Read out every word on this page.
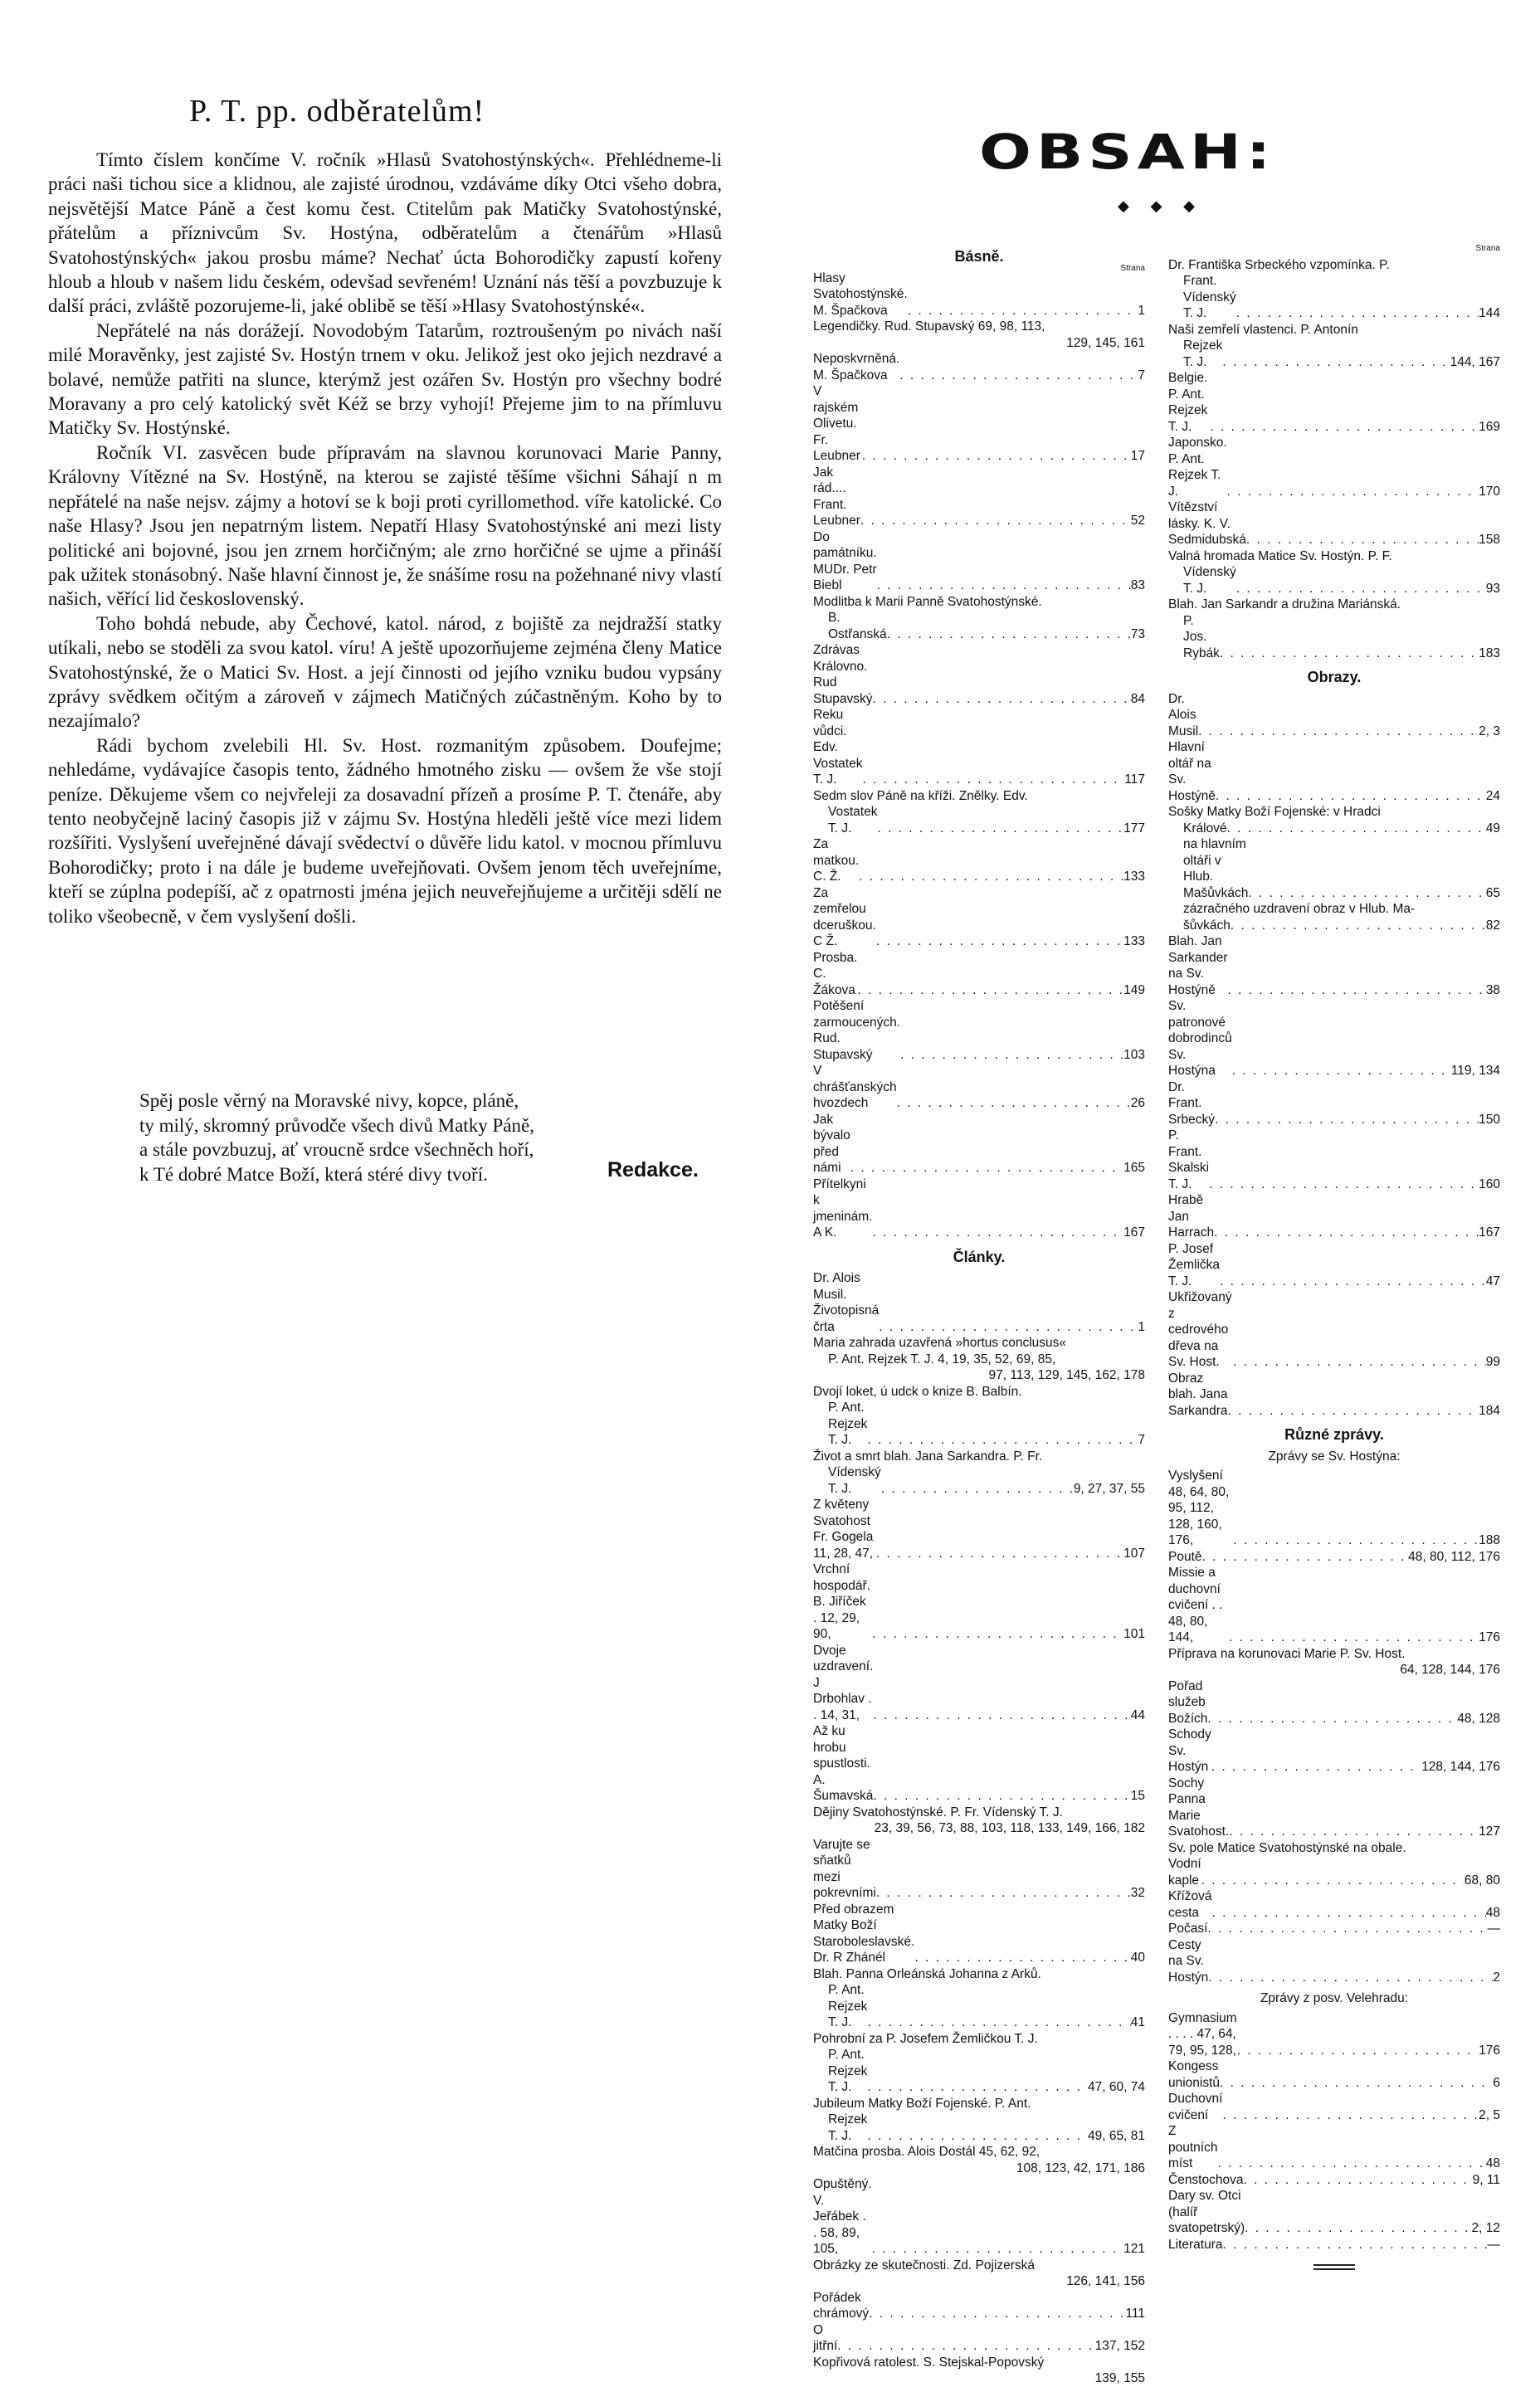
P. T. pp. odběratelům!

Tímto číslem končíme V. ročník »Hlasů Svatohostýnských«. Přehlédneme-li práci naši tichou sice a klidnou, ale zajisté úrodnou, vzdáváme díky Otci všeho dobra, nejsvětější Matce Páně a čest komu čest. Ctitelům pak Matičky Svatohostýnské, přátelům a příznivcům Sv. Hostýna, odběratelům a čtenářům »Hlasů Svatohostýnských« jakou prosbu máme? Nechať úcta Bohorodičky zapustí kořeny hloub a hloub v našem lidu českém, odevšad sevřeném! Uznání nás těší a povzbuzuje k další práci, zvláště pozorujeme-li, jaké oblibě se těší »Hlasy Svatohostýnské«.

Nepřátelé na nás dorážejí. Novodobým Tatarům, roztroušeným po nivách naší milé Moravěnky, jest zajisté Sv. Hostýn trnem v oku. Jelikož jest oko jejich nezdravé a bolavé, nemůže patřiti na slunce, kterýmž jest ozářen Sv. Hostýn pro všechny bodré Moravany a pro celý katolický svět Kéž se brzy vyhojí! Přejeme jim to na přímluvu Matičky Sv. Hostýnské.

Ročník VI. zasvěcen bude přípravám na slavnou korunovaci Marie Panny, Královny Vítězné na Sv. Hostýně, na kterou se zajisté těšíme všichni Sáhají n m nepřátelé na naše nejsv. zájmy a hotoví se k boji proti cyrillomethod. víře katolické. Co naše Hlasy? Jsou jen nepatrným listem. Nepatří Hlasy Svatohostýnské ani mezi listy politické ani bojovné, jsou jen zrnem horčičným; ale zrno horčičné se ujme a přináší pak užitek stonásobný. Naše hlavní činnost je, že snášíme rosu na požehnané nivy vlastí našich, věřící lid československý.

Toho bohdá nebude, aby Čechové, katol. národ, z bojiště za nejdražší statky utíkali, nebo se stoděli za svou katol. víru! A ještě upozorňujeme zejména členy Matice Svatohostýnské, že o Matici Sv. Host. a její činnosti od jejího vzniku budou vypsány zprávy svědkem očitým a zároveň v zájmech Matičných zúčastněným. Koho by to nezajímalo?

Rádi bychom zvelebili Hl. Sv. Host. rozmanitým způsobem. Doufejme; nehledáme, vydávajíce časopis tento, žádného hmotného zisku — ovšem že vše stojí peníze. Děkujeme všem co nejvřeleji za dosavadní přízeň a prosíme P. T. čtenáře, aby tento neobyčejně laciný časopis již v zájmu Sv. Hostýna hleděli ještě více mezi lidem rozšířiti. Vyslyšení uveřejněné dávají svědectví o důvěře lidu katol. v mocnou přímluvu Bohorodičky; proto i na dále je budeme uveřejňovati. Ovšem jenom těch uveřejníme, kteří se zúplna podepíší, ač z opatrnosti jména jejich neuveřejňujeme a určitěji sdělí ne toliko všeobecně, v čem vyslyšení došli.

Spěj posle věrný na Moravské nivy, kopce, pláně,
ty milý, skromný průvodče všech divů Matky Páně,
a stále povzbuzuj, ať vroucně srdce všechněch hoří,
k Té dobré Matce Boží, která stéré divy tvoří.	Redakce.
OBSAH:
◆ ◆ ◆
Básně.
Strana
Hlasy Svatohostýnské. M. Špačkova . . .	1
Legendičky. Rud. Stupavský 69, 98, 113,
129, 145, 161
Neposkvrněná. M. Špačkova . . .	7
V rajském Olivetu. Fr. Leubner . . .	17
Jak rád.... Frant. Leubner . . .	52
Do památníku. MUDr. Petr Biebl . . .	83
Modlitba k Marii Panně Svatohostýnské.
B. Ostřanská . . .	73
Zdrávas Královno. Rud Stupavský . . .	84
Reku vůdci. Edv. Vostatek T. J. . . .	117
Sedm slov Páně na kříži. Znělky. Edv.
Vostatek T. J. . . .	177
Za matkou. C. Ž. . . .	133
Za zemřelou dceruškou. C Ž. . . .	133
Prosba. C. Žákova . . .	149
Potěšení zarmoucených. Rud. Stupavský . . .	103
V chrášťanských hvozdech . . .	26
Jak bývalo před námi . . .	165
Přítelkyni k jmeninám. A K. . . .	167
Články.
Dr. Alois Musil. Životopisná črta . . .	1
Maria zahrada uzavřená »hortus conclusus«
P. Ant. Rejzek T. J. 4, 19, 35, 52, 69, 85,
97, 113, 129, 145, 162, 178
Dvojí loket, ú udck o knize B. Balbín.
P. Ant. Rejzek T. J. . . .	7
Život a smrt blah. Jana Sarkandra. P. Fr.
Vídenský T. J. . . .	9, 27, 37, 55
Z květeny Svatohost Fr. Gogela 11, 28, 47, . . .	107
Vrchní hospodář. B. Jiříček . 12, 29, 90, . . .	101
Dvoje uzdravení. J Drbohlav . . 14, 31, . . .	44
Až ku hrobu spustlosti. A. Šumavská . . .	15
Dějiny Svatohostýnské. P. Fr. Vídenský T. J.
23, 39, 56, 73, 88, 103, 118, 133, 149, 166, 182
Varujte se sňatků mezi pokrevními . . .	32
Před obrazem Matky Boží Staroboleslavské. Dr. R Zhánél . . .	40
Blah. Panna Orleánská Johanna z Arků.
P. Ant. Rejzek T. J. . . .	41
Pohrobní za P. Josefem Žemličkou T. J.
P. Ant. Rejzek T. J. . . .	47, 60, 74
Jubileum Matky Boží Fojenské. P. Ant.
Rejzek T. J. . . .	49, 65, 81
Matčina prosba. Alois Dostál 45, 62, 92,
108, 123, 42, 171, 186
Opuštěný. V. Jeřábek . . 58, 89, 105, . . .	121
Obrázky ze skutečnosti. Zd. Pojizerská
126, 141, 156
Pořádek chrámový . . .	111
O jitřní . . .	137, 152
Kopřivová ratolest. S. Stejskal-Popovský
139, 155
Strana
Dr. Františka Srbeckého vzpomínka. P.
Frant. Vídenský T. J. . . .	144
Naši zemřelí vlastenci. P. Antonín
Rejzek T. J. . . .	144, 167
Belgie. P. Ant. Rejzek T. J. . . .	169
Japonsko. P. Ant. Rejzek T. J. . . .	170
Vítězství lásky. K. V. Sedmidubská . . .	158
Valná hromada Matice Sv. Hostýn. P. F.
Vídenský T. J. . . .	93
Blah. Jan Sarkandr a družina Mariánská.
P. Jos. Rybák . . .	183
Obrazy.
Dr. Alois Musil . . .	2, 3
Hlavní oltář na Sv. Hostýně . . .	24
Sošky Matky Boží Fojenské: v Hradci
Králové . . .	49
na hlavním oltáři v Hlub. Mašůvkách . . .	65
zázračného uzdravení obraz v Hlub. Ma-
šůvkách . . .	82
Blah. Jan Sarkander na Sv. Hostýně . . .	38
Sv. patronové dobrodinců Sv. Hostýna . . .	119, 134
Dr. Frant. Srbecký . . .	150
P. Frant. Skalski T. J. . . .	160
Hrabě Jan Harrach . . .	167
P. Josef Žemlička T. J. . . .	47
Ukřižovaný z cedrového dřeva na Sv. Host. . . .	99
Obraz blah. Jana Sarkandra . . .	184
Různé zprávy.
Zprávy se Sv. Hostýna:
Vyslyšení 48, 64, 80, 95, 112, 128, 160, 176, . . .	188
Poutě . . .	48, 80, 112, 176
Missie a duchovní cvičení . . 48, 80, 144, . . .	176
Příprava na korunovaci Marie P. Sv. Host.
64, 128, 144, 176
Pořad služeb Božích . . .	48, 128
Schody Sv. Hostýn . . .	128, 144, 176
Sochy Panna Marie Svatohost. . . .	127
Sv. pole Matice Svatohostýnské na obale.
Vodní kaple . . .	68, 80
Křížová cesta . . .	48
Počasí . . .	—
Cesty na Sv. Hostýn . . .	2
Zprávy z posv. Velehradu:
Gymnasium . . . . 47, 64, 79, 95, 128, . . .	176
Kongess unionistů . . .	6
Duchovní cvičení . . .	2, 5
Z poutních míst . . .	48
Čenstochova . . .	9, 11
Dary sv. Otci (halíř svatopetrský) . . .	2, 12
Literatura . . .	—
